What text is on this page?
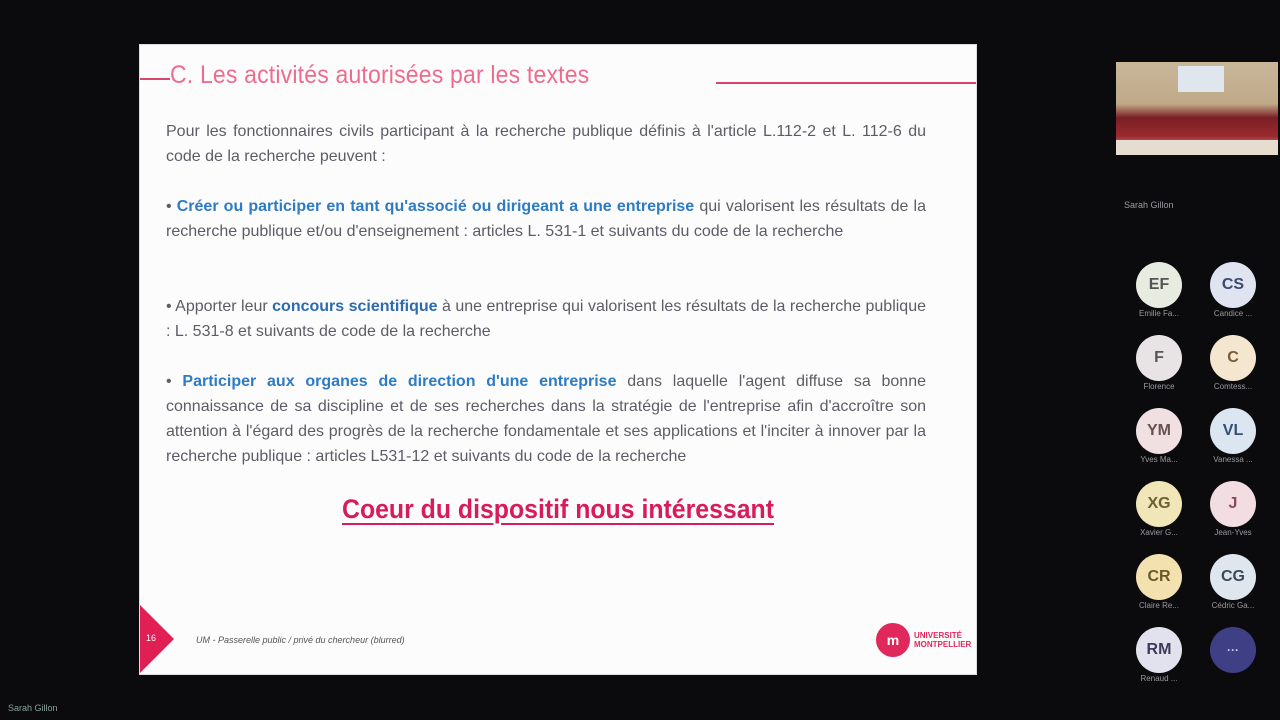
C. Les activités autorisées par les textes
Pour les fonctionnaires civils participant à la recherche publique définis à l'article L.112-2 et L. 112-6 du code de la recherche peuvent :
• Créer ou participer en tant qu'associé ou dirigeant a une entreprise qui valorisent les résultats de la recherche publique et/ou d'enseignement : articles L. 531-1 et suivants du code de la recherche
• Apporter leur concours scientifique à une entreprise qui valorisent les résultats de la recherche publique : L. 531-8 et suivants de code de la recherche
• Participer aux organes de direction d'une entreprise dans laquelle l'agent diffuse sa bonne connaissance de sa discipline et de ses recherches dans la stratégie de l'entreprise afin d'accroître son attention à l'égard des progrès de la recherche fondamentale et ses applications et l'inciter à innover par la recherche publique : articles L531-12 et suivants du code de la recherche
Coeur du dispositif nous intéressant
16	UM - Passerelle public / privé du chercheur (blurred)	m	UNIVERSITÉ
MONTPELLIER
Sarah Gillon
EF
Emilie Fa...
CS
Candice ...
F
Florence
C
Comtess...
YM
Yves Ma...
VL
Vanessa ...
XG
Xavier G...
J
Jean-Yves
CR
Claire Re...
CG
Cédric Ga...
RM
Renaud ...
···
Sarah Gillon
